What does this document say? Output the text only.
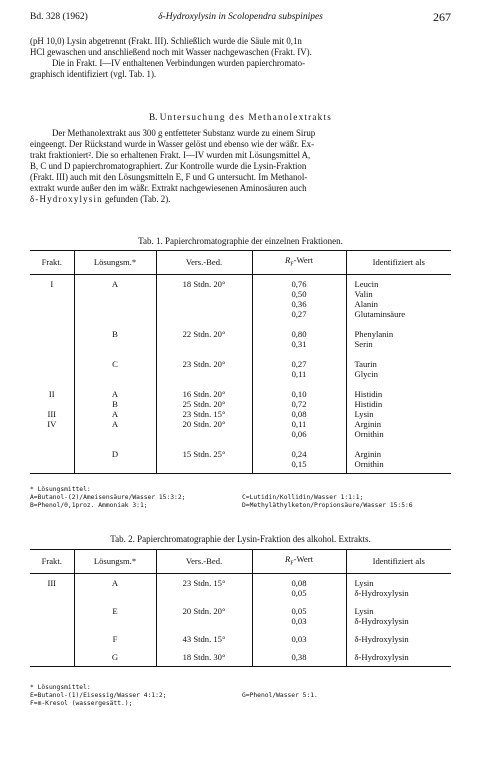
Bd. 328 (1962)	δ-Hydroxylysin in Scolopendra subspinipes	267

(pH 10,0) Lysin abgetrennt (Frakt. III). Schließlich wurde die Säule mit 0,1n

HCl gewaschen und anschließend noch mit Wasser nachgewaschen (Frakt. IV).

Die in Frakt. I—IV enthaltenen Verbindungen wurden papierchromato-

graphisch identifiziert (vgl. Tab. 1).

B. Untersuchung des Methanolextrakts

Der Methanolextrakt aus 300 g entfetteter Substanz wurde zu einem Sirup

eingeengt. Der Rückstand wurde in Wasser gelöst und ebenso wie der wäßr. Ex-

trakt fraktioniert². Die so erhaltenen Frakt. I—IV wurden mit Lösungsmittel A,

B, C und D papierchromatographiert. Zur Kontrolle wurde die Lysin-Fraktion

(Frakt. III) auch mit den Lösungsmitteln E, F und G untersucht. Im Methanol-

extrakt wurde außer den im wäßr. Extrakt nachgewiesenen Aminosäuren auch

δ-Hydroxylysin gefunden (Tab. 2).

Tab. 1. Papierchromatographie der einzelnen Fraktionen.
Frakt.	Lösungsm.*	Vers.-Bed.	$R_F$-Wert	Identifiziert als

I	A	18 Stdn. 20°	0,76	Leucin
			0,50	Valin
			0,36	Alanin
			0,27	Glutaminsäure

	B	22 Stdn. 20°	0,80	Phenylanin
			0,31	Serin

	C	23 Stdn. 20°	0,27	Taurin
			0,11	Glycin

II	A	16 Stdn. 20°	0,10	Histidin

	B	25 Stdn. 20°	0,72	Histidin

III	A	23 Stdn. 15°	0,08	Lysin

IV	A	20 Stdn. 20°	0,11	Arginin
			0,06	Ornithin

	D	15 Stdn. 25°	0,24	Arginin
			0,15	Ornithin

* Lösungsmittel:
A=Butanol-(2)/Ameisensäure/Wasser 15:3:2;
B=Phenol/0,1proz. Ammoniak 3:1;
C=Lutidin/Kollidin/Wasser 1:1:1;
D=Methyläthylketon/Propionsäure/Wasser 15:5:6
Tab. 2. Papierchromatographie der Lysin-Fraktion des alkohol. Extrakts.
Frakt.	Lösungsm.*	Vers.-Bed.	$R_F$-Wert	Identifiziert als

III	A	23 Stdn. 15°	0,08	Lysin
			0,05	δ-Hydroxylysin

	E	20 Stdn. 20°	0,05	Lysin
			0,03	δ-Hydroxylysin

	F	43 Stdn. 15°	0,03	δ-Hydroxylysin

	G	18 Stdn. 30°	0,38	δ-Hydroxylysin

* Lösungsmittel:
E=Butanol-(1)/Eisessig/Wasser 4:1:2;
F=m-Kresol (wassergesätt.);
G=Phenol/Wasser 5:1.
